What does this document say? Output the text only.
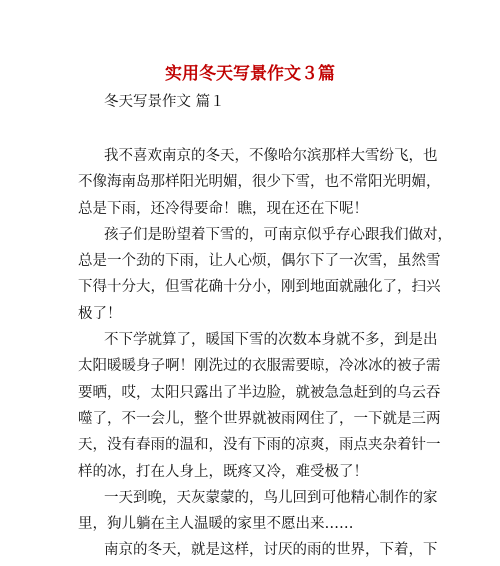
实用冬天写景作文３篇
冬天写景作文 篇１
我不喜欢南京的冬天，不像哈尔滨那样大雪纷飞，也
不像海南岛那样阳光明媚，很少下雪，也不常阳光明媚，
总是下雨，还冷得要命！瞧，现在还在下呢！
孩子们是盼望着下雪的，可南京似乎存心跟我们做对，
总是一个劲的下雨，让人心烦，偶尔下了一次雪，虽然雪
下得十分大，但雪花确十分小，刚到地面就融化了，扫兴
极了！
不下学就算了，暖国下雪的次数本身就不多，到是出
太阳暖暖身子啊！刚洗过的衣服需要晾，冷冰冰的被子需
要晒，哎，太阳只露出了半边脸，就被急急赶到的乌云吞
噬了，不一会儿，整个世界就被雨网住了，一下就是三两
天，没有春雨的温和，没有下雨的凉爽，雨点夹杂着针一
样的冰，打在人身上，既疼又冷，难受极了！
一天到晚，天灰蒙蒙的，鸟儿回到可他精心制作的家
里，狗儿躺在主人温暖的家里不愿出来……
南京的冬天，就是这样，讨厌的雨的世界，下着，下
